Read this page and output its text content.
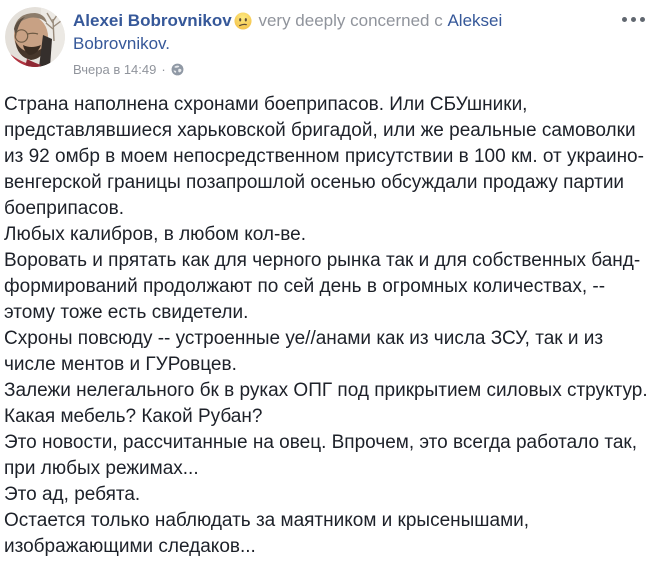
Alexei Bobrovnikov very deeply concerned с Aleksei
Bobrovnikov.
Вчера в 14:49 ·
Страна наполнена схронами боеприпасов. Или СБУшники, представлявшиеся харьковской бригадой, или же реальные самоволки из 92 омбр в моем непосредственном присутствии в 100 км. от украино-венгерской границы позапрошлой осенью обсуждали продажу партии боеприпасов.
Любых калибров, в любом кол-ве.
Воровать и прятать как для черного рынка так и для собственных банд-формирований продолжают по сей день в огромных количествах, -- этому тоже есть свидетели.
Схроны повсюду -- устроенные уе//анами как из числа ЗСУ, так и из числе ментов и ГУРовцев.
Залежи нелегального бк в руках ОПГ под прикрытием силовых структур.
Какая мебель? Какой Рубан?
Это новости, рассчитанные на овец. Впрочем, это всегда работало так, при любых режимах...
Это ад, ребята.
Остается только наблюдать за маятником и крысенышами, изображающими следаков...
